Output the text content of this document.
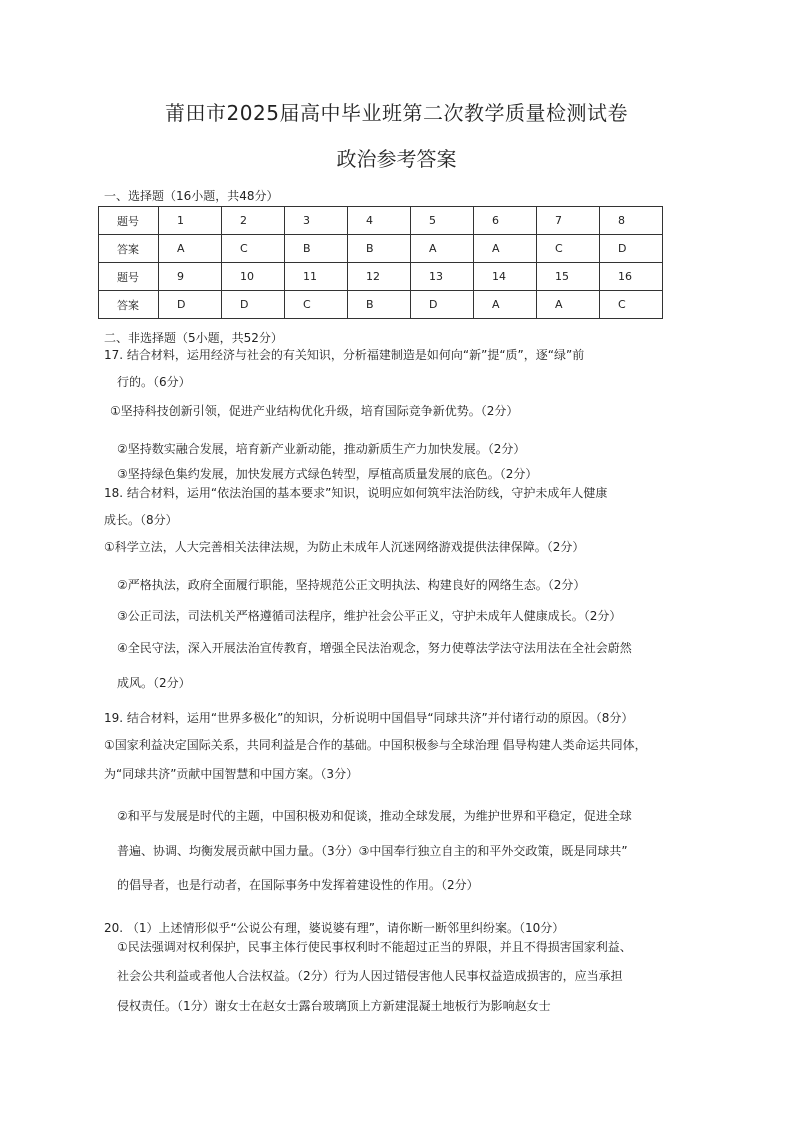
莆田市2025届高中毕业班第二次教学质量检测试卷
政治参考答案
一、选择题（16小题，共48分）
题号	1	2	3	4	5	6	7	8
答案	A	C	B	B	A	A	C	D
题号	9	10	11	12	13	14	15	16
答案	D	D	C	B	D	A	A	C
二、非选择题（5小题，共52分）
17. 结合材料，运用经济与社会的有关知识，分析福建制造是如何向“新”提“质”，逐“绿”前
行的。（6分）
①坚持科技创新引领，促进产业结构优化升级，培育国际竞争新优势。（2分）
②坚持数实融合发展，培育新产业新动能，推动新质生产力加快发展。（2分）
③坚持绿色集约发展，加快发展方式绿色转型，厚植高质量发展的底色。（2分）
18. 结合材料，运用“依法治国的基本要求”知识，说明应如何筑牢法治防线，守护未成年人健康
成长。（8分）
①科学立法，人大完善相关法律法规，为防止未成年人沉迷网络游戏提供法律保障。（2分）
②严格执法，政府全面履行职能，坚持规范公正文明执法、构建良好的网络生态。（2分）
③公正司法，司法机关严格遵循司法程序，维护社会公平正义，守护未成年人健康成长。（2分）
④全民守法，深入开展法治宣传教育，增强全民法治观念，努力使尊法学法守法用法在全社会蔚然
成风。（2分）
19. 结合材料，运用“世界多极化”的知识，分析说明中国倡导“同球共济”并付诸行动的原因。（8分）
①国家利益决定国际关系，共同利益是合作的基础。中国积极参与全球治理 倡导构建人类命运共同体，
为“同球共济”贡献中国智慧和中国方案。（3分）
②和平与发展是时代的主题，中国积极劝和促谈，推动全球发展，为维护世界和平稳定，促进全球
普遍、协调、均衡发展贡献中国力量。（3分）③中国奉行独立自主的和平外交政策，既是同球共”
的倡导者，也是行动者，在国际事务中发挥着建设性的作用。（2分）
20. （1）上述情形似乎“公说公有理，婆说婆有理”，请你断一断邻里纠纷案。（10分）
①民法强调对权利保护，民事主体行使民事权利时不能超过正当的界限，并且不得损害国家利益、
社会公共利益或者他人合法权益。（2分）行为人因过错侵害他人民事权益造成损害的，应当承担
侵权责任。（1分）谢女士在赵女士露台玻璃顶上方新建混凝土地板行为影响赵女士
